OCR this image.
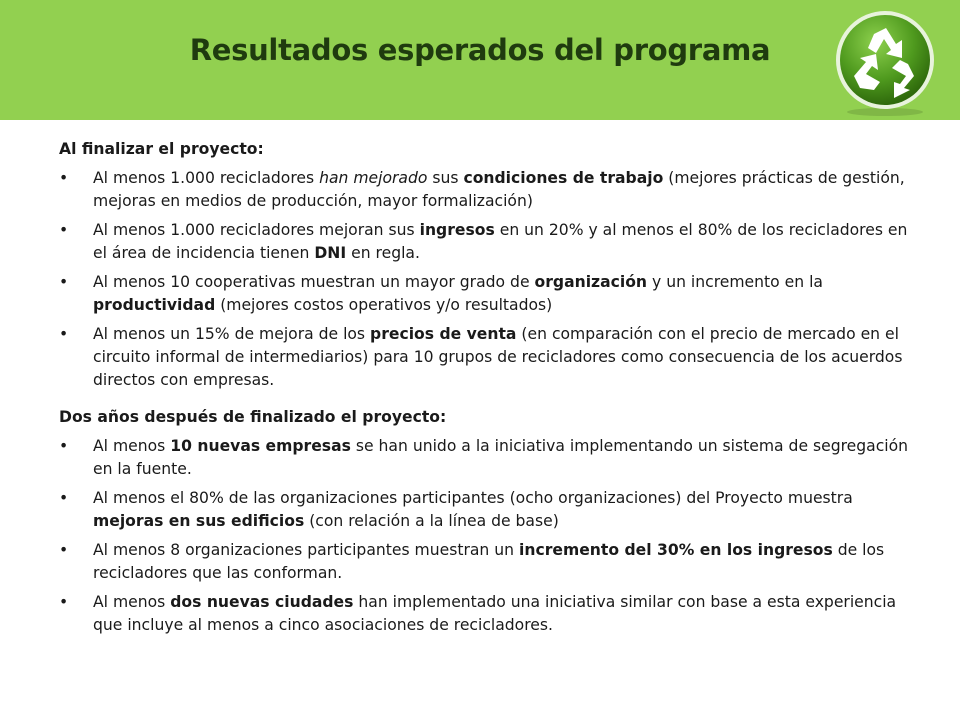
Resultados esperados del programa
Al finalizar el proyecto:
• Al menos 1.000 recicladores han mejorado sus condiciones de trabajo (mejores prácticas de gestión, mejoras en medios de producción, mayor formalización)
• Al menos 1.000 recicladores mejoran sus ingresos en un 20% y al menos el 80% de los recicladores en el área de incidencia tienen DNI en regla.
• Al menos 10 cooperativas muestran un mayor grado de organización y un incremento en la productividad (mejores costos operativos y/o resultados)
• Al menos un 15% de mejora de los precios de venta (en comparación con el precio de mercado en el circuito informal de intermediarios) para 10 grupos de recicladores como consecuencia de los acuerdos directos con empresas.
Dos años después de finalizado el proyecto:
• Al menos 10 nuevas empresas se han unido a la iniciativa implementando un sistema de segregación en la fuente.
• Al menos el 80% de las organizaciones participantes (ocho organizaciones) del Proyecto muestra mejoras en sus edificios (con relación a la línea de base)
• Al menos 8 organizaciones participantes muestran un incremento del 30% en los ingresos de los recicladores que las conforman.
• Al menos dos nuevas ciudades han implementado una iniciativa similar con base a esta experiencia que incluye al menos a cinco asociaciones de recicladores.
